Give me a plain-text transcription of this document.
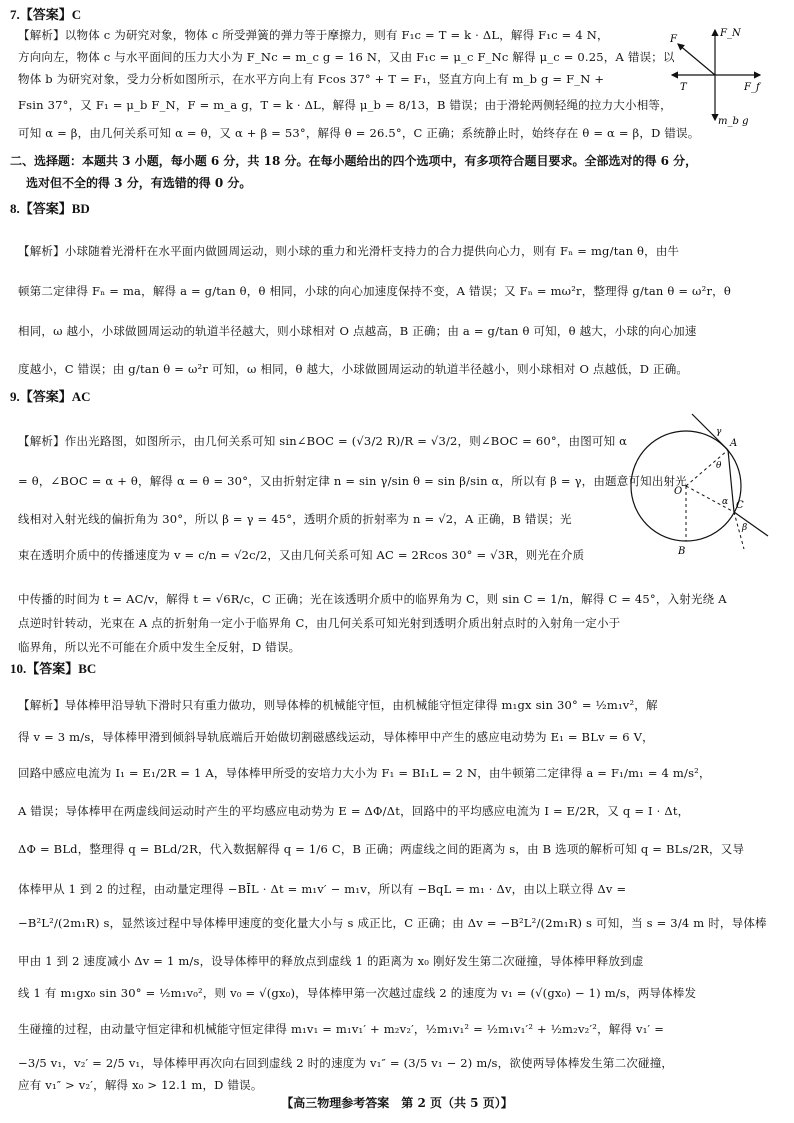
7.【答案】C
【解析】以物体 c 为研究对象，物体 c 所受弹簧的弹力等于摩擦力，则有 F₁c = T = k · ΔL，解得 F₁c = 4 N，
方向向左，物体 c 与水平面间的压力大小为 F_Nc = m_c g = 16 N，又由 F₁c = μ_c F_Nc 解得 μ_c = 0.25，A 错误；以
物体 b 为研究对象，受力分析如图所示，在水平方向上有 Fcos 37° + T = F₁，竖直方向上有 m_b g = F_N +
Fsin 37°，又 F₁ = μ_b F_N，F = m_a g，T = k · ΔL，解得 μ_b = 8/13，B 错误；由于滑轮两侧轻绳的拉力大小相等，
可知 α = β，由几何关系可知 α = θ，又 α + β = 53°，解得 θ = 26.5°，C 正确；系统静止时，始终存在 θ = α = β，D 错误。
F_N
F
T	F_f
m_b g
二、选择题：本题共 3 小题，每小题 6 分，共 18 分。在每小题给出的四个选项中，有多项符合题目要求。全部选对的得 6 分，
选对但不全的得 3 分，有选错的得 0 分。
8.【答案】BD
【解析】小球随着光滑杆在水平面内做圆周运动，则小球的重力和光滑杆支持力的合力提供向心力，则有 Fₙ = mg/tan θ，由牛
顿第二定律得 Fₙ = ma，解得 a = g/tan θ，θ 相同，小球的向心加速度保持不变，A 错误；又 Fₙ = mω²r，整理得 g/tan θ = ω²r，θ
相同，ω 越小，小球做圆周运动的轨道半径越大，则小球相对 O 点越高，B 正确；由 a = g/tan θ 可知，θ 越大，小球的向心加速
度越小，C 错误；由 g/tan θ = ω²r 可知，ω 相同，θ 越大，小球做圆周运动的轨道半径越小，则小球相对 O 点越低，D 正确。
9.【答案】AC
【解析】作出光路图，如图所示，由几何关系可知 sin∠BOC = (√3/2 R)/R = √3/2，则∠BOC = 60°，由图可知 α
= θ，∠BOC = α + θ，解得 α = θ = 30°，又由折射定律 n = sin γ/sin θ = sin β/sin α，所以有 β = γ，由题意可知出射光
线相对入射光线的偏折角为 30°，所以 β = γ = 45°，透明介质的折射率为 n = √2，A 正确，B 错误；光
束在透明介质中的传播速度为 v = c/n = √2c/2，又由几何关系可知 AC = 2Rcos 30° = √3R，则光在介质
中传播的时间为 t = AC/v，解得 t = √6R/c，C 正确；光在该透明介质中的临界角为 C，则 sin C = 1/n，解得 C = 45°，入射光绕 A
点逆时针转动，光束在 A 点的折射角一定小于临界角 C，由几何关系可知光射到透明介质出射点时的入射角一定小于
临界角，所以光不可能在介质中发生全反射，D 错误。
A
B
C
O
γ
θ
α
β
10.【答案】BC
【解析】导体棒甲沿导轨下滑时只有重力做功，则导体棒的机械能守恒，由机械能守恒定律得 m₁gx sin 30° = ½m₁v²，解
得 v = 3 m/s，导体棒甲滑到倾斜导轨底端后开始做切割磁感线运动，导体棒甲中产生的感应电动势为 E₁ = BLv = 6 V，
回路中感应电流为 I₁ = E₁/2R = 1 A，导体棒甲所受的安培力大小为 F₁ = BI₁L = 2 N，由牛顿第二定律得 a = F₁/m₁ = 4 m/s²，
A 错误；导体棒甲在两虚线间运动时产生的平均感应电动势为 E = ΔΦ/Δt，回路中的平均感应电流为 I = E/2R，又 q = I · Δt，
ΔΦ = BLd，整理得 q = BLd/2R，代入数据解得 q = 1/6 C，B 正确；两虚线之间的距离为 s，由 B 选项的解析可知 q = BLs/2R，又导
体棒甲从 1 到 2 的过程，由动量定理得 −BĪL · Δt = m₁v′ − m₁v，所以有 −BqL = m₁ · Δv，由以上联立得 Δv =
−B²L²/(2m₁R) s，显然该过程中导体棒甲速度的变化量大小与 s 成正比，C 正确；由 Δv = −B²L²/(2m₁R) s 可知，当 s = 3/4 m 时，导体棒
甲由 1 到 2 速度减小 Δv = 1 m/s，设导体棒甲的释放点到虚线 1 的距离为 x₀ 刚好发生第二次碰撞，导体棒甲释放到虚
线 1 有 m₁gx₀ sin 30° = ½m₁v₀²，则 v₀ = √(gx₀)，导体棒甲第一次越过虚线 2 的速度为 v₁ = (√(gx₀) − 1) m/s，两导体棒发
生碰撞的过程，由动量守恒定律和机械能守恒定律得 m₁v₁ = m₁v₁′ + m₂v₂′，½m₁v₁² = ½m₁v₁′² + ½m₂v₂′²，解得 v₁′ =
−3/5 v₁，v₂′ = 2/5 v₁，导体棒甲再次向右回到虚线 2 时的速度为 v₁″ = (3/5 v₁ − 2) m/s，欲使两导体棒发生第二次碰撞，
应有 v₁″ > v₂′，解得 x₀ > 12.1 m，D 错误。
【高三物理参考答案　第 2 页（共 5 页）】
